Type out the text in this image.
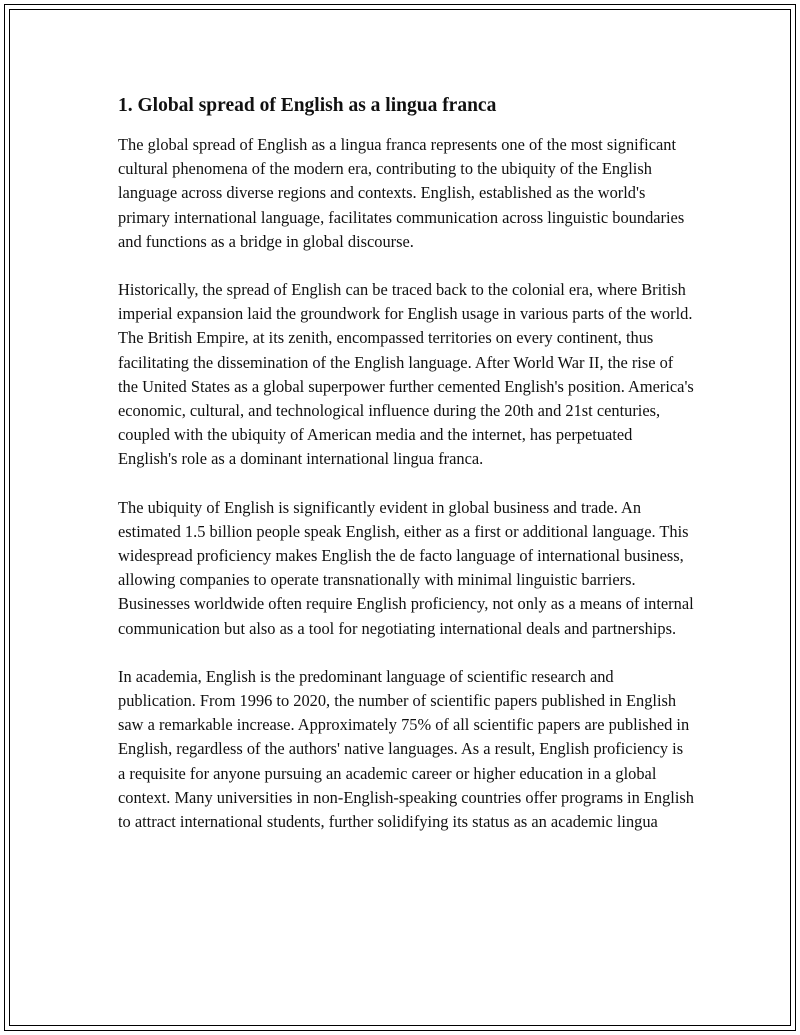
1. Global spread of English as a lingua franca

The global spread of English as a lingua franca represents one of the most significant cultural phenomena of the modern era, contributing to the ubiquity of the English language across diverse regions and contexts. English, established as the world's primary international language, facilitates communication across linguistic boundaries and functions as a bridge in global discourse.

Historically, the spread of English can be traced back to the colonial era, where British imperial expansion laid the groundwork for English usage in various parts of the world. The British Empire, at its zenith, encompassed territories on every continent, thus facilitating the dissemination of the English language. After World War II, the rise of the United States as a global superpower further cemented English's position. America's economic, cultural, and technological influence during the 20th and 21st centuries, coupled with the ubiquity of American media and the internet, has perpetuated English's role as a dominant international lingua franca.

The ubiquity of English is significantly evident in global business and trade. An estimated 1.5 billion people speak English, either as a first or additional language. This widespread proficiency makes English the de facto language of international business, allowing companies to operate transnationally with minimal linguistic barriers. Businesses worldwide often require English proficiency, not only as a means of internal communication but also as a tool for negotiating international deals and partnerships.

In academia, English is the predominant language of scientific research and publication. From 1996 to 2020, the number of scientific papers published in English saw a remarkable increase. Approximately 75% of all scientific papers are published in English, regardless of the authors' native languages. As a result, English proficiency is a requisite for anyone pursuing an academic career or higher education in a global context. Many universities in non-English-speaking countries offer programs in English to attract international students, further solidifying its status as an academic lingua
